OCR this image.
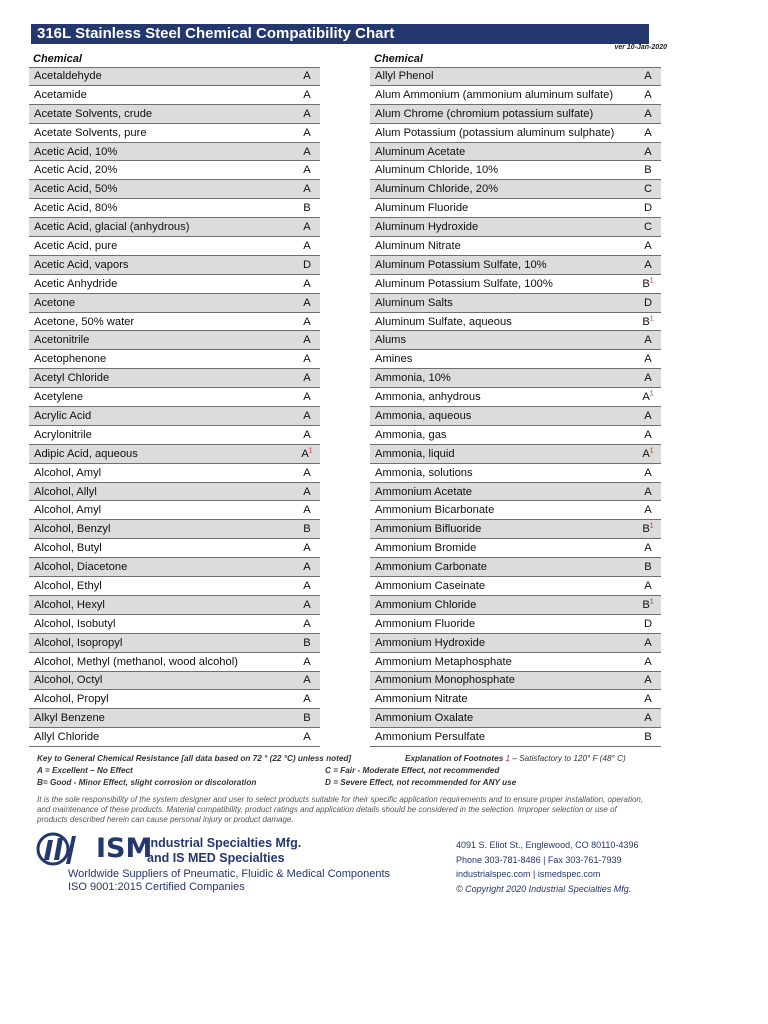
316L Stainless Steel Chemical Compatibility Chart
ver 10-Jan-2020
Chemical
Acetaldehyde	A
Acetamide	A
Acetate Solvents, crude	A
Acetate Solvents, pure	A
Acetic Acid, 10%	A
Acetic Acid, 20%	A
Acetic Acid, 50%	A
Acetic Acid, 80%	B
Acetic Acid, glacial (anhydrous)	A
Acetic Acid, pure	A
Acetic Acid, vapors	D
Acetic Anhydride	A
Acetone	A
Acetone, 50% water	A
Acetonitrile	A
Acetophenone	A
Acetyl Chloride	A
Acetylene	A
Acrylic Acid	A
Acrylonitrile	A
Adipic Acid, aqueous	A$^1$
Alcohol, Amyl	A
Alcohol, Allyl	A
Alcohol, Amyl	A
Alcohol, Benzyl	B
Alcohol, Butyl	A
Alcohol, Diacetone	A
Alcohol, Ethyl	A
Alcohol, Hexyl	A
Alcohol, Isobutyl	A
Alcohol, Isopropyl	B
Alcohol, Methyl (methanol, wood alcohol)	A
Alcohol, Octyl	A
Alcohol, Propyl	A
Alkyl Benzene	B
Allyl Chloride	A
Chemical
Allyl Phenol	A
Alum Ammonium (ammonium aluminum sulfate)	A
Alum Chrome (chromium potassium sulfate)	A
Alum Potassium (potassium aluminum sulphate)	A
Aluminum Acetate	A
Aluminum Chloride, 10%	B
Aluminum Chloride, 20%	C
Aluminum Fluoride	D
Aluminum Hydroxide	C
Aluminum Nitrate	A
Aluminum Potassium Sulfate, 10%	A
Aluminum Potassium Sulfate, 100%	B$^1$
Aluminum Salts	D
Aluminum Sulfate, aqueous	B$^1$
Alums	A
Amines	A
Ammonia, 10%	A
Ammonia, anhydrous	A$^1$
Ammonia, aqueous	A
Ammonia, gas	A
Ammonia, liquid	A$^1$
Ammonia, solutions	A
Ammonium Acetate	A
Ammonium Bicarbonate	A
Ammonium Bifluoride	B$^1$
Ammonium Bromide	A
Ammonium Carbonate	B
Ammonium Caseinate	A
Ammonium Chloride	B$^1$
Ammonium Fluoride	D
Ammonium Hydroxide	A
Ammonium Metaphosphate	A
Ammonium Monophosphate	A
Ammonium Nitrate	A
Ammonium Oxalate	A
Ammonium Persulfate	B
Key to General Chemical Resistance [all data based on 72 ° (22 °C) unless noted]	Explanation of Footnotes 1 – Satisfactory to 120° F (48° C)
A = Excellent – No Effect	C = Fair - Moderate Effect, not recommended
B= Good - Minor Effect, slight corrosion or discoloration	D = Severe Effect, not recommended for ANY use
It is the sole responsibility of the system designer and user to select products suitable for their specific application requirements and to ensure proper installation, operation, and maintenance of these products. Material compatibility, product ratings and application details should be considered in the selection. Improper selection or use of products described herein can cause personal injury or product damage.
ISM
Industrial Specialties Mfg.
and IS MED Specialties
Worldwide Suppliers of Pneumatic, Fluidic & Medical Components
ISO 9001:2015 Certified Companies
4091 S. Eliot St., Englewood, CO 80110-4396
Phone 303-781-8486 | Fax 303-761-7939
industrialspec.com | ismedspec.com
© Copyright 2020 Industrial Specialties Mfg.
